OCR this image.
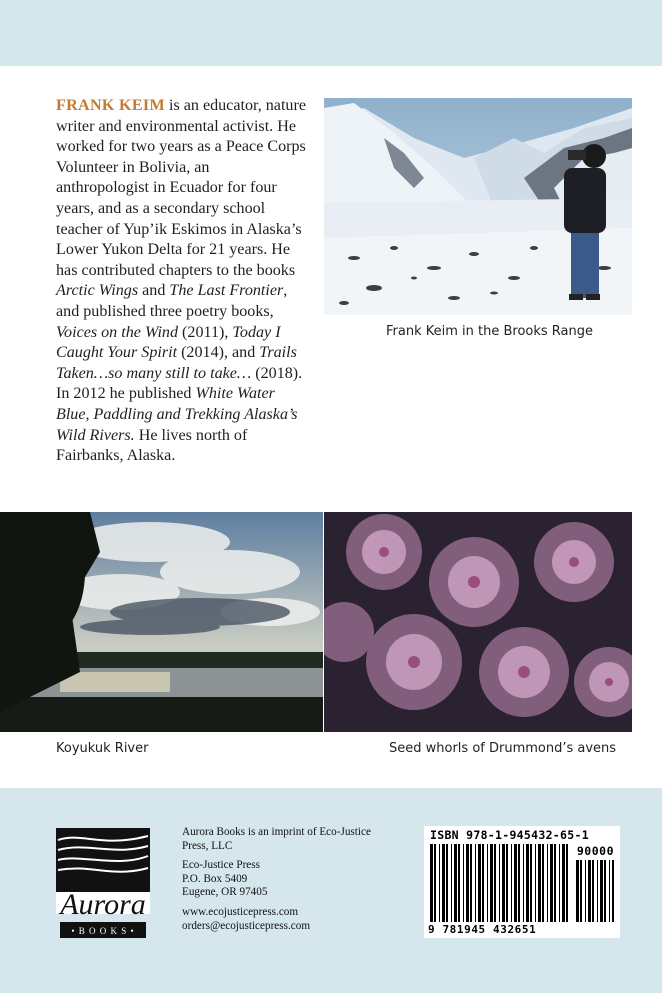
FRANK KEIM is an educator, nature writer and environmental activist. He worked for two years as a Peace Corps Volunteer in Bolivia, an anthropologist in Ecuador for four years, and as a secondary school teacher of Yup’ik Eskimos in Alaska’s Lower Yukon Delta for 21 years. He has contributed chapters to the books Arctic Wings and The Last Frontier, and published three poetry books, Voices on the Wind (2011), Today I Caught Your Spirit (2014), and Trails Taken…so many still to take… (2018). In 2012 he published White Water Blue, Paddling and Trekking Alaska’s Wild Rivers. He lives north of Fairbanks, Alaska.
Frank Keim in the Brooks Range
Koyukuk River	Seed whorls of Drummond’s avens
Aurora
• B O O K S •

Aurora Books is an imprint of Eco-Justice Press, LLC

Eco-Justice Press
P.O. Box 5409
Eugene, OR 97405

www.ecojusticepress.com
orders@ecojusticepress.com

ISBN 978-1-945432-65-1
90000
9 781945 432651
